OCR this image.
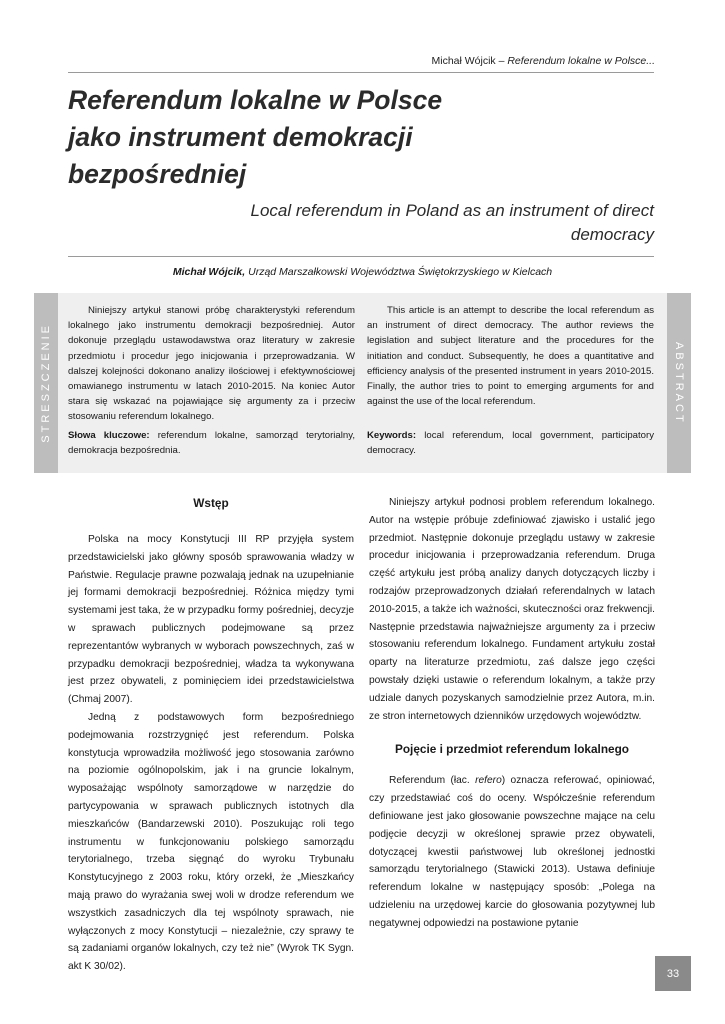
Michał Wójcik – Referendum lokalne w Polsce...
Referendum lokalne w Polsce jako instrument demokracji bezpośredniej
Local referendum in Poland as an instrument of direct democracy
Michał Wójcik, Urząd Marszałkowski Województwa Świętokrzyskiego w Kielcach
STRESZCZENIE

Niniejszy artykuł stanowi próbę charakterystyki referendum lokalnego jako instrumentu demokracji bezpośredniej. Autor dokonuje przeglądu ustawodawstwa oraz literatury w zakresie przedmiotu i procedur jego inicjowania i przeprowadzania. W dalszej kolejności dokonano analizy ilościowej i efektywnościowej omawianego instrumentu w latach 2010-2015. Na koniec Autor stara się wskazać na pojawiające się argumenty za i przeciw stosowaniu referendum lokalnego.

Słowa kluczowe: referendum lokalne, samorząd terytorialny, demokracja bezpośrednia.

This article is an attempt to describe the local referendum as an instrument of direct democracy. The author reviews the legislation and subject literature and the procedures for the initiation and conduct. Subsequently, he does a quantitative and efficiency analysis of the presented instrument in years 2010-2015. Finally, the author tries to point to emerging arguments for and against the use of the local referendum.

Keywords: local referendum, local government, participatory democracy.

ABSTRACT
Wstęp

Polska na mocy Konstytucji III RP przyjęła system przedstawicielski jako główny sposób sprawowania władzy w Państwie. Regulacje prawne pozwalają jednak na uzupełnianie jej formami demokracji bezpośredniej. Różnica między tymi systemami jest taka, że w przypadku formy pośredniej, decyzje w sprawach publicznych podejmowane są przez reprezentantów wybranych w wyborach powszechnych, zaś w przypadku demokracji bezpośredniej, władza ta wykonywana jest przez obywateli, z pominięciem idei przedstawicielstwa (Chmaj 2007).

Jedną z podstawowych form bezpośredniego podejmowania rozstrzygnięć jest referendum. Polska konstytucja wprowadziła możliwość jego stosowania zarówno na poziomie ogólnopolskim, jak i na gruncie lokalnym, wyposażając wspólnoty samorządowe w narzędzie do partycypowania w sprawach publicznych istotnych dla mieszkańców (Bandarzewski 2010). Poszukując roli tego instrumentu w funkcjonowaniu polskiego samorządu terytorialnego, trzeba sięgnąć do wyroku Trybunału Konstytucyjnego z 2003 roku, który orzekł, że „Mieszkańcy mają prawo do wyrażania swej woli w drodze referendum we wszystkich zasadniczych dla tej wspólnoty sprawach, nie wyłączonych z mocy Konstytucji – niezależnie, czy sprawy te są zadaniami organów lokalnych, czy też nie” (Wyrok TK Sygn. akt K 30/02).

Niniejszy artykuł podnosi problem referendum lokalnego. Autor na wstępie próbuje zdefiniować zjawisko i ustalić jego przedmiot. Następnie dokonuje przeglądu ustawy w zakresie procedur inicjowania i przeprowadzania referendum. Druga część artykułu jest próbą analizy danych dotyczących liczby i rodzajów przeprowadzonych działań referendalnych w latach 2010-2015, a także ich ważności, skuteczności oraz frekwencji. Następnie przedstawia najważniejsze argumenty za i przeciw stosowaniu referendum lokalnego. Fundament artykułu został oparty na literaturze przedmiotu, zaś dalsze jego części powstały dzięki ustawie o referendum lokalnym, a także przy udziale danych pozyskanych samodzielnie przez Autora, m.in. ze stron internetowych dzienników urzędowych województw.

Pojęcie i przedmiot referendum lokalnego

Referendum (łac. refero) oznacza referować, opiniować, czy przedstawiać coś do oceny. Współcześnie referendum definiowane jest jako głosowanie powszechne mające na celu podjęcie decyzji w określonej sprawie przez obywateli, dotyczącej kwestii państwowej lub określonej jednostki samorządu terytorialnego (Stawicki 2013). Ustawa definiuje referendum lokalne w następujący sposób: „Polega na udzieleniu na urzędowej karcie do głosowania pozytywnej lub negatywnej odpowiedzi na postawione pytanie

33
